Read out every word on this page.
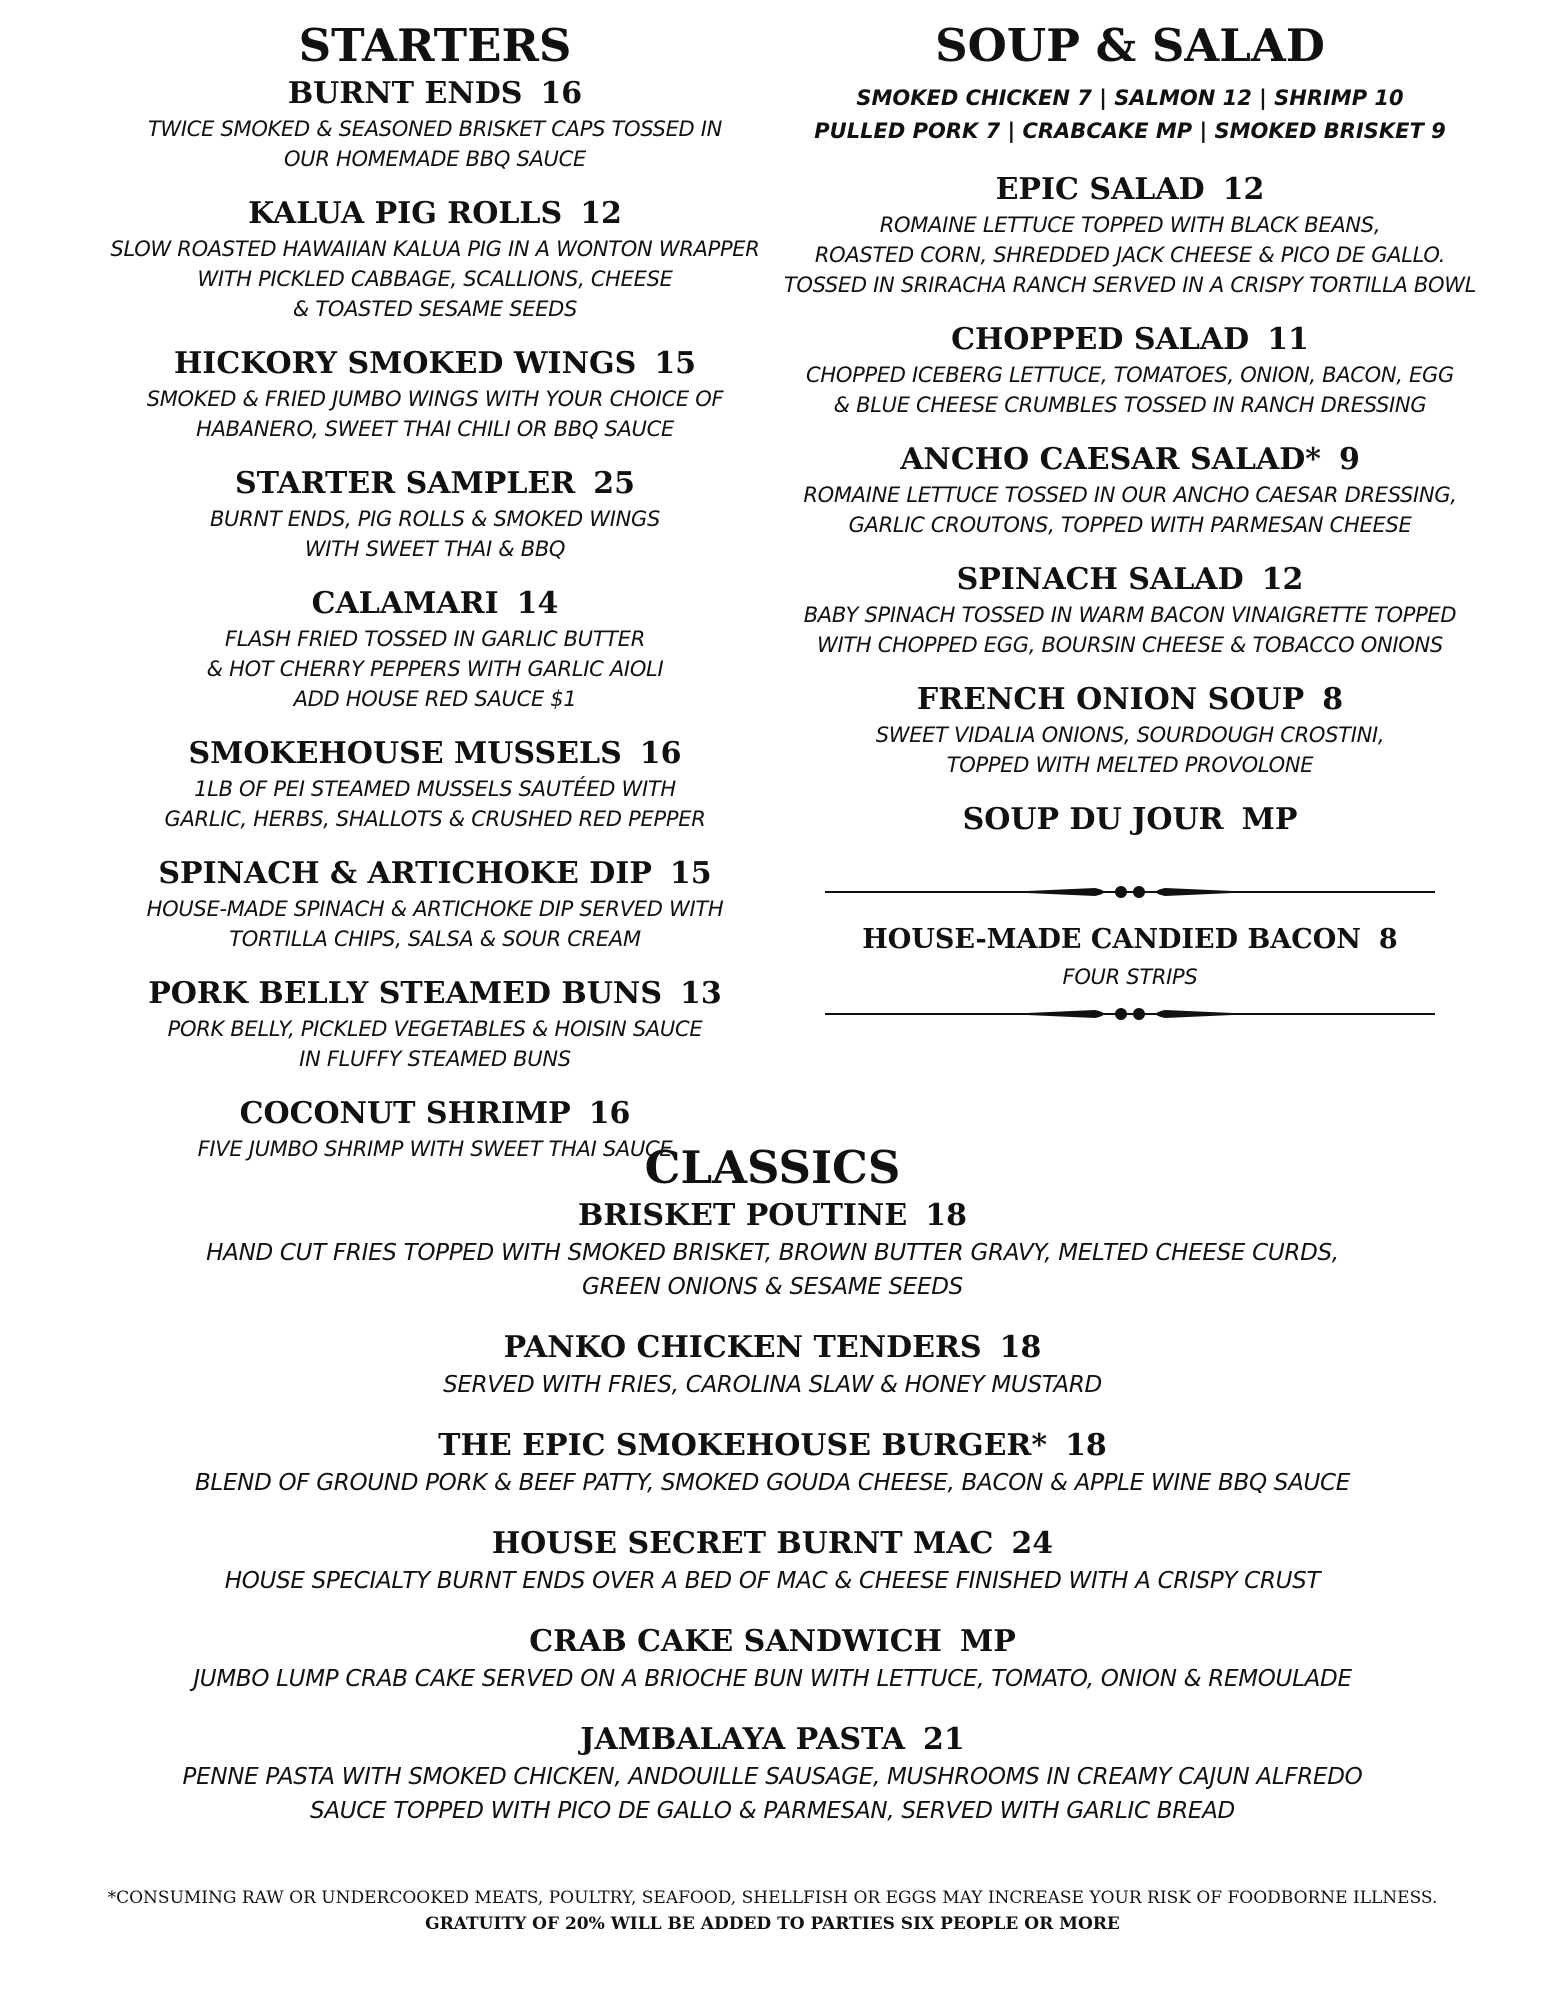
STARTERS

BURNT ENDS 16

TWICE SMOKED & SEASONED BRISKET CAPS TOSSED IN

OUR HOMEMADE BBQ SAUCE

KALUA PIG ROLLS 12

SLOW ROASTED HAWAIIAN KALUA PIG IN A WONTON WRAPPER

WITH PICKLED CABBAGE, SCALLIONS, CHEESE

& TOASTED SESAME SEEDS

HICKORY SMOKED WINGS 15

SMOKED & FRIED JUMBO WINGS WITH YOUR CHOICE OF

HABANERO, SWEET THAI CHILI OR BBQ SAUCE

STARTER SAMPLER 25

BURNT ENDS, PIG ROLLS & SMOKED WINGS

WITH SWEET THAI & BBQ

CALAMARI 14

FLASH FRIED TOSSED IN GARLIC BUTTER

& HOT CHERRY PEPPERS WITH GARLIC AIOLI

ADD HOUSE RED SAUCE $1

SMOKEHOUSE MUSSELS 16

1LB OF PEI STEAMED MUSSELS SAUTÉED WITH

GARLIC, HERBS, SHALLOTS & CRUSHED RED PEPPER

SPINACH & ARTICHOKE DIP 15

HOUSE-MADE SPINACH & ARTICHOKE DIP SERVED WITH

TORTILLA CHIPS, SALSA & SOUR CREAM

PORK BELLY STEAMED BUNS 13

PORK BELLY, PICKLED VEGETABLES & HOISIN SAUCE

IN FLUFFY STEAMED BUNS

COCONUT SHRIMP 16

FIVE JUMBO SHRIMP WITH SWEET THAI SAUCE

SOUP & SALAD
SMOKED CHICKEN 7 | SALMON 12 | SHRIMP 10
PULLED PORK 7 | CRABCAKE MP | SMOKED BRISKET 9

EPIC SALAD 12

ROMAINE LETTUCE TOPPED WITH BLACK BEANS,

ROASTED CORN, SHREDDED JACK CHEESE & PICO DE GALLO.

TOSSED IN SRIRACHA RANCH SERVED IN A CRISPY TORTILLA BOWL

CHOPPED SALAD 11

CHOPPED ICEBERG LETTUCE, TOMATOES, ONION, BACON, EGG

& BLUE CHEESE CRUMBLES TOSSED IN RANCH DRESSING

ANCHO CAESAR SALAD* 9

ROMAINE LETTUCE TOSSED IN OUR ANCHO CAESAR DRESSING,

GARLIC CROUTONS, TOPPED WITH PARMESAN CHEESE

SPINACH SALAD 12

BABY SPINACH TOSSED IN WARM BACON VINAIGRETTE TOPPED

WITH CHOPPED EGG, BOURSIN CHEESE & TOBACCO ONIONS

FRENCH ONION SOUP 8

SWEET VIDALIA ONIONS, SOURDOUGH CROSTINI,

TOPPED WITH MELTED PROVOLONE

SOUP DU JOUR MP

HOUSE-MADE CANDIED BACON 8

FOUR STRIPS

CLASSICS

BRISKET POUTINE 18

HAND CUT FRIES TOPPED WITH SMOKED BRISKET, BROWN BUTTER GRAVY, MELTED CHEESE CURDS,

GREEN ONIONS & SESAME SEEDS

PANKO CHICKEN TENDERS 18

SERVED WITH FRIES, CAROLINA SLAW & HONEY MUSTARD

THE EPIC SMOKEHOUSE BURGER* 18

BLEND OF GROUND PORK & BEEF PATTY, SMOKED GOUDA CHEESE, BACON & APPLE WINE BBQ SAUCE

HOUSE SECRET BURNT MAC 24

HOUSE SPECIALTY BURNT ENDS OVER A BED OF MAC & CHEESE FINISHED WITH A CRISPY CRUST

CRAB CAKE SANDWICH MP

JUMBO LUMP CRAB CAKE SERVED ON A BRIOCHE BUN WITH LETTUCE, TOMATO, ONION & REMOULADE

JAMBALAYA PASTA 21

PENNE PASTA WITH SMOKED CHICKEN, ANDOUILLE SAUSAGE, MUSHROOMS IN CREAMY CAJUN ALFREDO

SAUCE TOPPED WITH PICO DE GALLO & PARMESAN, SERVED WITH GARLIC BREAD

*CONSUMING RAW OR UNDERCOOKED MEATS, POULTRY, SEAFOOD, SHELLFISH OR EGGS MAY INCREASE YOUR RISK OF FOODBORNE ILLNESS.
GRATUITY OF 20% WILL BE ADDED TO PARTIES SIX PEOPLE OR MORE
